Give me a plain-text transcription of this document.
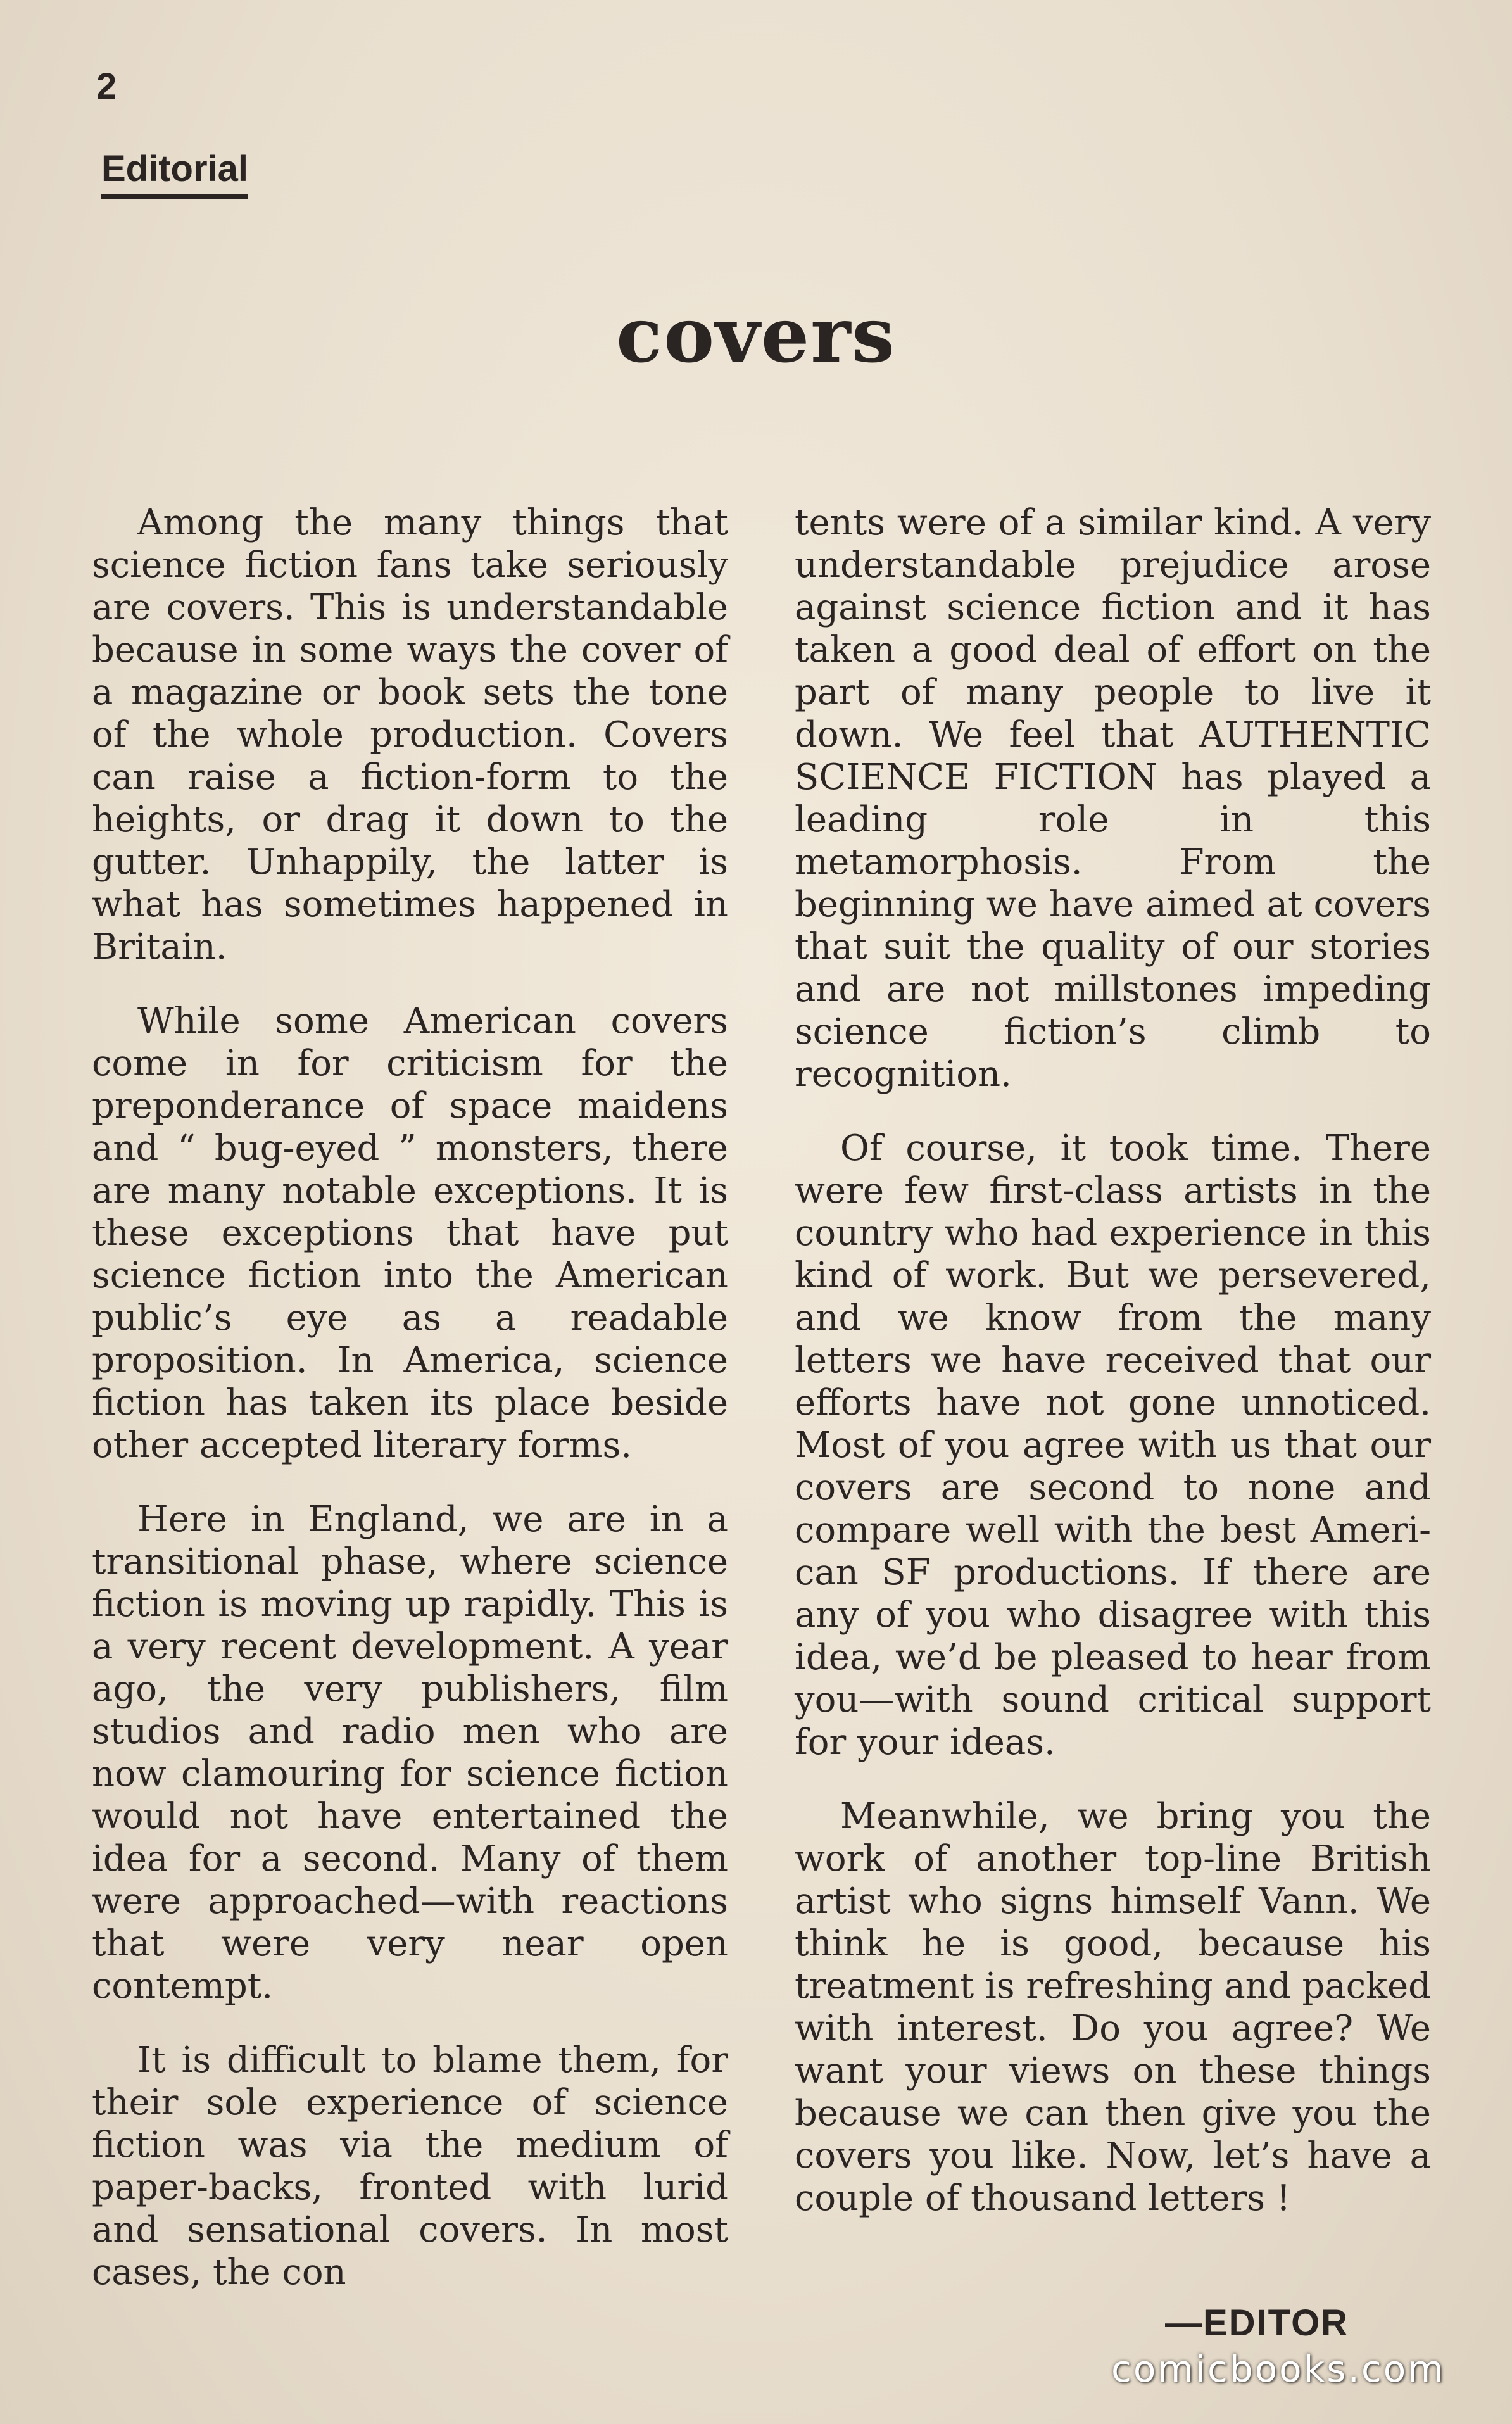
2
Editorial
covers

Among the many things that science fiction fans take seriously are covers. This is understandable because in some ways the cover of a magazine or book sets the tone of the whole production. Covers can raise a fiction-form to the heights, or drag it down to the gutter. Unhappily, the latter is what has sometimes happened in Britain.

While some American covers come in for criticism for the preponderance of space maidens and “ bug-eyed ” monsters, there are many notable exceptions. It is these exceptions that have put science fiction into the American public’s eye as a readable proposition. In America, science fiction has taken its place beside other accepted literary forms.

Here in England, we are in a transitional phase, where science fiction is moving up rapidly. This is a very recent development. A year ago, the very publishers, film studios and radio men who are now clamouring for science fiction would not have entertained the idea for a second. Many of them were approached—with reactions that were very near open contempt.

It is difficult to blame them, for their sole experience of science fiction was via the medium of paper-backs, fronted with lurid and sensational covers. In most cases, the con

tents were of a similar kind. A very understandable prejudice arose against science fiction and it has taken a good deal of effort on the part of many people to live it down. We feel that AUTHENTIC SCIENCE FICTION has played a leading role in this metamorphosis. From the beginning we have aimed at covers that suit the quality of our stories and are not millstones impeding science fiction’s climb to recognition.

Of course, it took time. There were few first-class artists in the country who had experience in this kind of work. But we persevered, and we know from the many letters we have received that our efforts have not gone unnoticed. Most of you agree with us that our covers are second to none and compare well with the best American SF productions. If there are any of you who disagree with this idea, we’d be pleased to hear from you—with sound critical support for your ideas.

Meanwhile, we bring you the work of another top-line British artist who signs himself Vann. We think he is good, because his treatment is refreshing and packed with interest. Do you agree? We want your views on these things because we can then give you the covers you like. Now, let’s have a couple of thousand letters !

—EDITOR
comicbooks.com
